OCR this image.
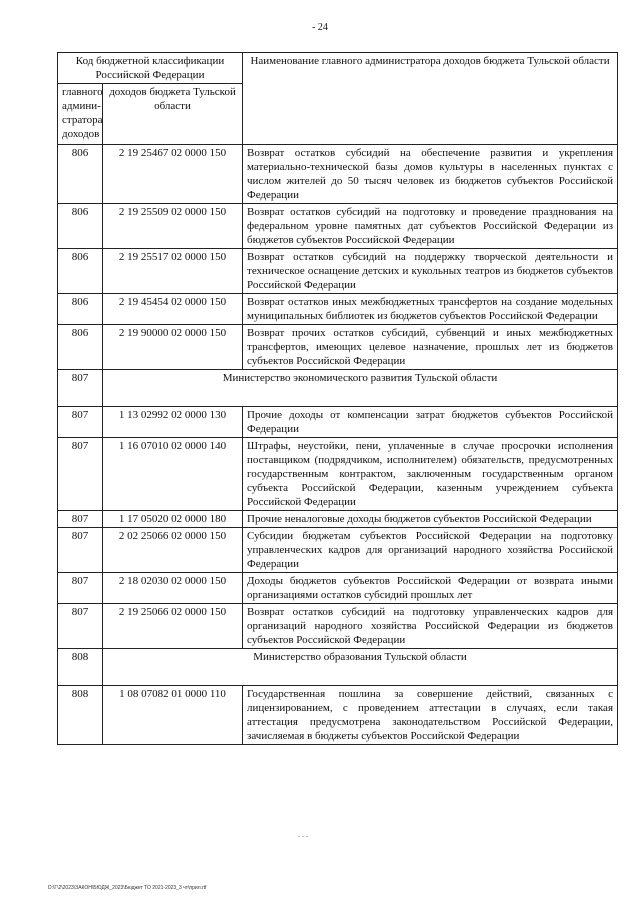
- 24
Код бюджетной классификации Российской Федерации		Наименование главного администратора доходов бюджета Тульской области
главного админи-стратора доходов	доходов бюджета Тульской области	
806	2 19 25467 02 0000 150	Возврат остатков субсидий на обеспечение развития и укрепления материально-технической базы домов культуры в населенных пунктах с числом жителей до 50 тысяч человек из бюджетов субъектов Российской Федерации
806	2 19 25509 02 0000 150	Возврат остатков субсидий на подготовку и проведение празднования на федеральном уровне памятных дат субъектов Российской Федерации из бюджетов субъектов Российской Федерации
806	2 19 25517 02 0000 150	Возврат остатков субсидий на поддержку творческой деятельности и техническое оснащение детских и кукольных театров из бюджетов субъектов Российской Федерации
806	2 19 45454 02 0000 150	Возврат остатков иных межбюджетных трансфертов на создание модельных муниципальных библиотек из бюджетов субъектов Российской Федерации
806	2 19 90000 02 0000 150	Возврат прочих остатков субсидий, субвенций и иных межбюджетных трансфертов, имеющих целевое назначение, прошлых лет из бюджетов субъектов Российской Федерации
807	Министерство экономического развития Тульской области	
807	1 13 02992 02 0000 130	Прочие доходы от компенсации затрат бюджетов субъектов Российской Федерации
807	1 16 07010 02 0000 140	Штрафы, неустойки, пени, уплаченные в случае просрочки исполнения поставщиком (подрядчиком, исполнителем) обязательств, предусмотренных государственным контрактом, заключенным государственным органом субъекта Российской Федерации, казенным учреждением субъекта Российской Федерации
807	1 17 05020 02 0000 180	Прочие неналоговые доходы бюджетов субъектов Российской Федерации
807	2 02 25066 02 0000 150	Субсидии бюджетам субъектов Российской Федерации на подготовку управленческих кадров для организаций народного хозяйства Российской Федерации
807	2 18 02030 02 0000 150	Доходы бюджетов субъектов Российской Федерации от возврата иными организациями остатков субсидий прошлых лет
807	2 19 25066 02 0000 150	Возврат остатков субсидий на подготовку управленческих кадров для организаций народного хозяйства Российской Федерации из бюджетов субъектов Российской Федерации
808	Министерство образования Тульской области	
808	1 08 07082 01 0000 110	Государственная пошлина за совершение действий, связанных с лицензированием, с проведением аттестации в случаях, если такая аттестация предусмотрена законодательством Российской Федерации, зачисляемая в бюджеты субъектов Российской Федерации
. . .
D:\Г\2\2023\ЗАКОН\БЮДЖ_2023\Бюджет ТО 2021-2023_3 чт\прил.rtf
